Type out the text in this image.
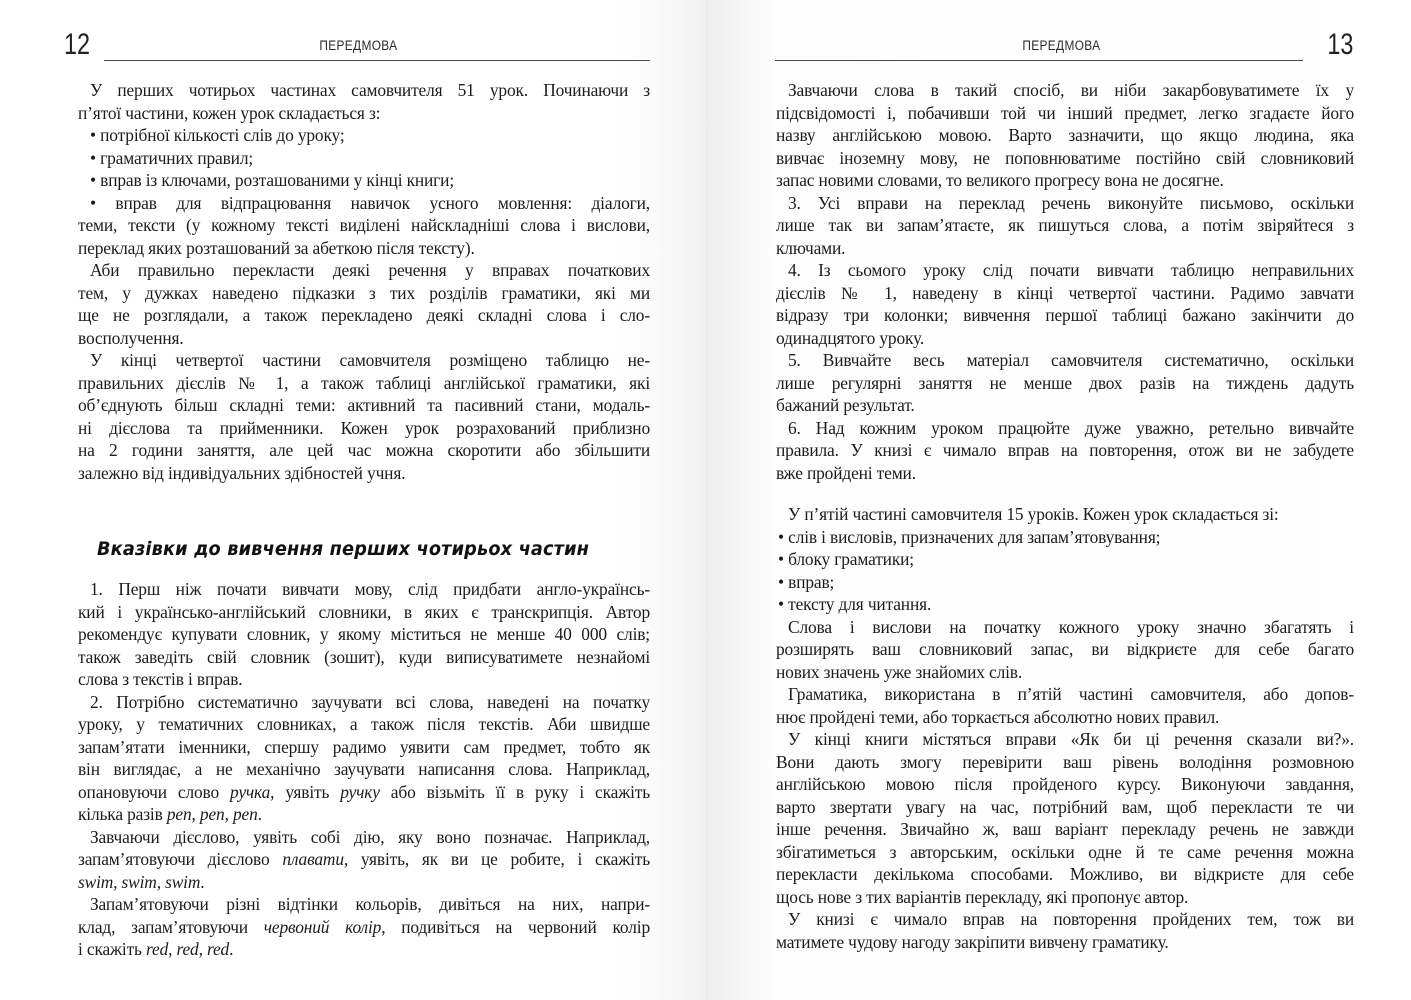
12	ПЕРЕДМОВА
У перших чотирьох частинах самовчителя 51 урок. Починаючи з
п’ятої частини, кожен урок складається з:
• потрібної кількості слів до уроку;
• граматичних правил;
• вправ із ключами, розташованими у кінці книги;
• вправ для відпрацювання навичок усного мовлення: діалоги,
теми, тексти (у кожному тексті виділені найскладніші слова і вислови,
переклад яких розташований за абеткою після тексту).
Аби правильно перекласти деякі речення у вправах початкових
тем, у дужках наведено підказки з тих розділів граматики, які ми
ще не розглядали, а також перекладено деякі складні слова і сло-
восполучення.
У кінці четвертої частини самовчителя розміщено таблицю не-
правильних дієслів № 1, а також таблиці англійської граматики, які
об’єднують більш складні теми: активний та пасивний стани, модаль-
ні дієслова та прийменники. Кожен урок розрахований приблизно
на 2 години заняття, але цей час можна скоротити або збільшити
залежно від індивідуальних здібностей учня.
Вказівки до вивчення перших чотирьох частин
1. Перш ніж почати вивчати мову, слід придбати англо-українсь-
кий і українсько-англійський словники, в яких є транскрипція. Автор
рекомендує купувати словник, у якому міститься не менше 40 000 слів;
також заведіть свій словник (зошит), куди виписуватимете незнайомі
слова з текстів і вправ.
2. Потрібно систематично заучувати всі слова, наведені на початку
уроку, у тематичних словниках, а також після текстів. Аби швидше
запам’ятати іменники, спершу радимо уявити сам предмет, тобто як
він виглядає, а не механічно заучувати написання слова. Наприклад,
опановуючи слово ручка, уявіть ручку або візьміть її в руку і скажіть
кілька разів pen, pen, pen.
Завчаючи дієслово, уявіть собі дію, яку воно позначає. Наприклад,
запам’ятовуючи дієслово плавати, уявіть, як ви це робите, і скажіть
swim, swim, swim.
Запам’ятовуючи різні відтінки кольорів, дивіться на них, напри-
клад, запам’ятовуючи червоний колір, подивіться на червоний колір
і скажіть red, red, red.
ПЕРЕДМОВА	13
Завчаючи слова в такий спосіб, ви ніби закарбовуватимете їх у
підсвідомості і, побачивши той чи інший предмет, легко згадаєте його
назву англійською мовою. Варто зазначити, що якщо людина, яка
вивчає іноземну мову, не поповнюватиме постійно свій словниковий
запас новими словами, то великого прогресу вона не досягне.
3. Усі вправи на переклад речень виконуйте письмово, оскільки
лише так ви запам’ятаєте, як пишуться слова, а потім звіряйтеся з
ключами.
4. Із сьомого уроку слід почати вивчати таблицю неправильних
дієслів № 1, наведену в кінці четвертої частини. Радимо завчати
відразу три колонки; вивчення першої таблиці бажано закінчити до
одинадцятого уроку.
5. Вивчайте весь матеріал самовчителя систематично, оскільки
лише регулярні заняття не менше двох разів на тиждень дадуть
бажаний результат.
6. Над кожним уроком працюйте дуже уважно, ретельно вивчайте
правила. У книзі є чимало вправ на повторення, отож ви не забудете
вже пройдені теми.
У п’ятій частині самовчителя 15 уроків. Кожен урок складається зі:
• слів і висловів, призначених для запам’ятовування;
• блоку граматики;
• вправ;
• тексту для читання.
Слова і вислови на початку кожного уроку значно збагатять і
розширять ваш словниковий запас, ви відкриєте для себе багато
нових значень уже знайомих слів.
Граматика, використана в п’ятій частині самовчителя, або допов-
нює пройдені теми, або торкається абсолютно нових правил.
У кінці книги містяться вправи «Як би ці речення сказали ви?».
Вони дають змогу перевірити ваш рівень володіння розмовною
англійською мовою після пройденого курсу. Виконуючи завдання,
варто звертати увагу на час, потрібний вам, щоб перекласти те чи
інше речення. Звичайно ж, ваш варіант перекладу речень не завжди
збігатиметься з авторським, оскільки одне й те саме речення можна
перекласти декількома способами. Можливо, ви відкриєте для себе
щось нове з тих варіантів перекладу, які пропонує автор.
У книзі є чимало вправ на повторення пройдених тем, тож ви
матимете чудову нагоду закріпити вивчену граматику.
